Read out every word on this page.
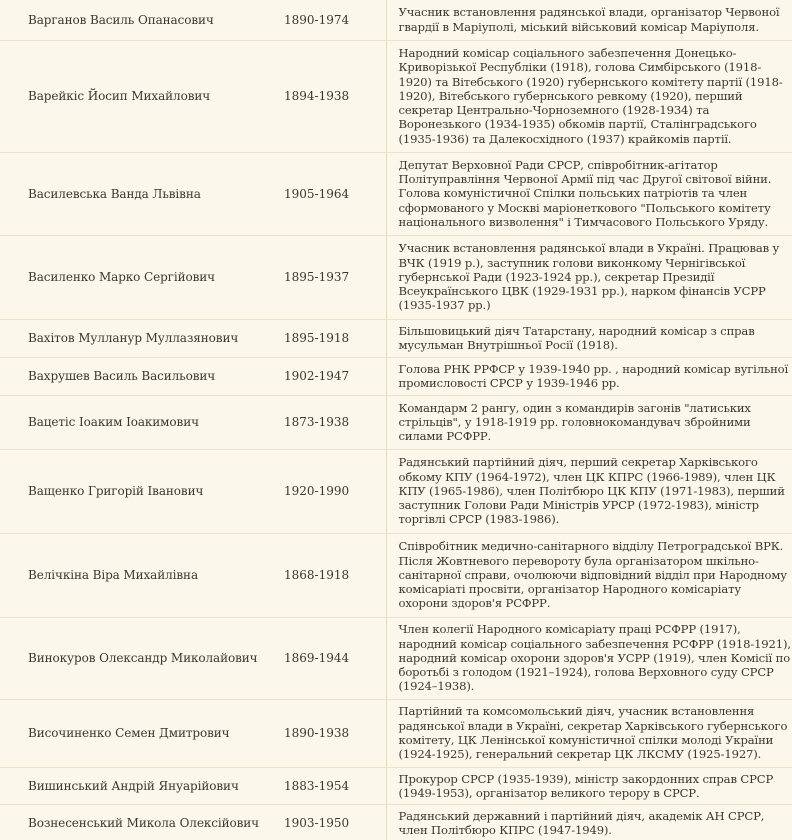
Варганов Василь Опанасович	1890-1974	Учасник встановлення радянської влади, організатор Червоної гвардії в Маріуполі, міський військовий комісар Маріуполя.
Варейкіс Йосип Михайлович	1894-1938	Народний комісар соціального забезпечення Донецько-Криворізької Республіки (1918), голова Симбірського (1918-1920) та Вітебського (1920) губернського комітету партії (1918-1920), Вітебського губернського ревкому (1920), перший секретар Центрально-Чорноземного (1928-1934) та Воронезького (1934-1935) обкомів партії, Сталінградського (1935-1936) та Далекосхідного (1937) крайкомів партії.
Василевська Ванда Львівна	1905-1964	Депутат Верховної Ради СРСР, співробітник-агітатор Політуправління Червоної Армії під час Другої світової війни. Голова комуністичної Спілки польських патріотів та член сформованого у Москві маріонеткового "Польського комітету національного визволення" і Тимчасового Польського Уряду.
Василенко Марко Сергійович	1895-1937	Учасник встановлення радянської влади в Україні. Працював у ВЧК (1919 р.), заступник голови виконкому Чернігівської губернської Ради (1923-1924 рр.), секретар Президії Всеукраїнського ЦВК (1929-1931 рр.), нарком фінансів УСРР (1935-1937 рр.)
Вахітов Мулланур Муллазянович	1895-1918	Більшовицький діяч Татарстану, народний комісар з справ мусульман Внутрішньої Росії (1918).
Вахрушев Василь Васильович	1902-1947	Голова РНК РРФСР у 1939-1940 рр. , народний комісар вугільної промисловості СРСР у 1939-1946 рр.
Вацетіс Іоаким Іоакимович	1873-1938	Командарм 2 рангу, один з командирів загонів "латиських стрільців", у 1918-1919 рр. головнокомандувач збройними силами РСФРР.
Ващенко Григорій Іванович	1920-1990	Радянський партійний діяч, перший секретар Харківського обкому КПУ (1964-1972), член ЦК КПРС (1966-1989), член ЦК КПУ (1965-1986), член Політбюро ЦК КПУ (1971-1983), перший заступник Голови Ради Міністрів УРСР (1972-1983), міністр торгівлі СРСР (1983-1986).
Велічкіна Віра Михайлівна	1868-1918	Співробітник медично-санітарного відділу Петроградської ВРК. Після Жовтневого перевороту була організатором шкільно-санітарної справи, очолюючи відповідний відділ при Народному комісаріаті просвіти, організатор Народного комісаріату охорони здоров'я РСФРР.
Винокуров Олександр Миколайович	1869-1944	Член колегії Народного комісаріату праці РСФРР (1917), народний комісар соціального забезпечення РСФРР (1918-1921), народний комісар охорони здоров'я УСРР (1919), член Комісії по боротьбі з голодом (1921–1924), голова Верховного суду СРСР (1924–1938).
Височиненко Семен Дмитрович	1890-1938	Партійний та комсомольський діяч, учасник встановлення радянської влади в Україні, секретар Харківського губернського комітету, ЦК Ленінської комуністичної спілки молоді України (1924-1925), генеральний секретар ЦК ЛКСМУ (1925-1927).
Вишинський Андрій Януарійович	1883-1954	Прокурор СРСР (1935-1939), міністр закордонних справ СРСР (1949-1953), організатор великого терору в СРСР.
Вознесенський Микола Олексійович	1903-1950	Радянський державний і партійний діяч, академік АН СРСР, член Політбюро КПРС (1947-1949).
